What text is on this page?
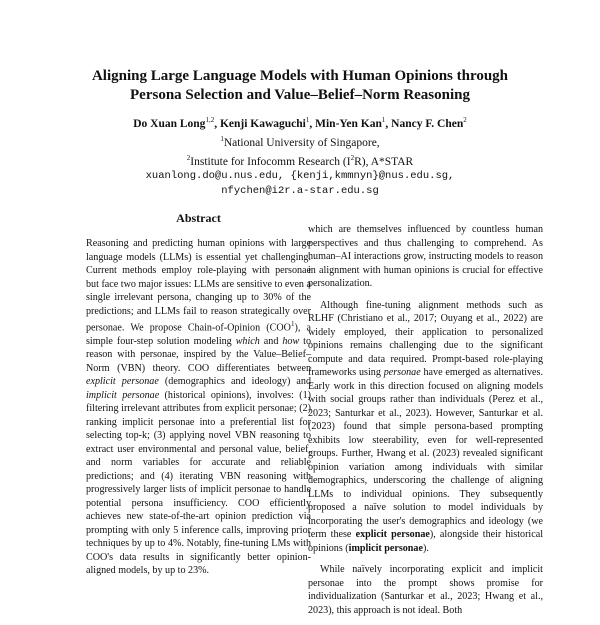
Aligning Large Language Models with Human Opinions through
Persona Selection and Value–Belief–Norm Reasoning
Do Xuan Long$^{1,2}$, Kenji Kawaguchi$^1$, Min-Yen Kan$^1$, Nancy F. Chen$^2$
$^1$National University of Singapore,
$^2$Institute for Infocomm Research $(I^2R)$, A*STAR
xuanlong.do@u.nus.edu, {kenji,kmmnyn}@nus.edu.sg,
nfychen@i2r.a-star.edu.sg
Abstract

Reasoning and predicting human opinions with large language models (LLMs) is essential yet challenging. Current methods employ role-playing with personae but face two major issues: LLMs are sensitive to even a single irrelevant persona, changing up to 30% of the predictions; and LLMs fail to reason strategically over personae. We propose Chain-of-Opinion (COO$^1$), a simple four-step solution modeling which and how to reason with personae, inspired by the Value–Belief–Norm (VBN) theory. COO differentiates between explicit personae (demographics and ideology) and implicit personae (historical opinions), involves: (1) filtering irrelevant attributes from explicit personae; (2) ranking implicit personae into a preferential list for selecting top-k; (3) applying novel VBN reasoning to extract user environmental and personal value, belief, and norm variables for accurate and reliable predictions; and (4) iterating VBN reasoning with progressively larger lists of implicit personae to handle potential persona insufficiency. COO efficiently achieves new state-of-the-art opinion prediction via prompting with only 5 inference calls, improving prior techniques by up to 4%. Notably, fine-tuning LMs with COO's data results in significantly better opinion-aligned models, by up to 23%.

which are themselves influenced by countless human perspectives and thus challenging to comprehend. As human–AI interactions grow, instructing models to reason in alignment with human opinions is crucial for effective personalization.

Although fine-tuning alignment methods such as RLHF (Christiano et al., 2017; Ouyang et al., 2022) are widely employed, their application to personalized opinions remains challenging due to the significant compute and data required. Prompt-based role-playing frameworks using personae have emerged as alternatives. Early work in this direction focused on aligning models with social groups rather than individuals (Perez et al., 2023; Santurkar et al., 2023). However, Santurkar et al. (2023) found that simple persona-based prompting exhibits low steerability, even for well-represented groups. Further, Hwang et al. (2023) revealed significant opinion variation among individuals with similar demographics, underscoring the challenge of aligning LLMs to individual opinions. They subsequently proposed a naïve solution to model individuals by incorporating the user's demographics and ideology (we term these explicit personae), alongside their historical opinions (implicit personae).

While naïvely incorporating explicit and implicit personae into the prompt shows promise for individualization (Santurkar et al., 2023; Hwang et al., 2023), this approach is not ideal. Both
